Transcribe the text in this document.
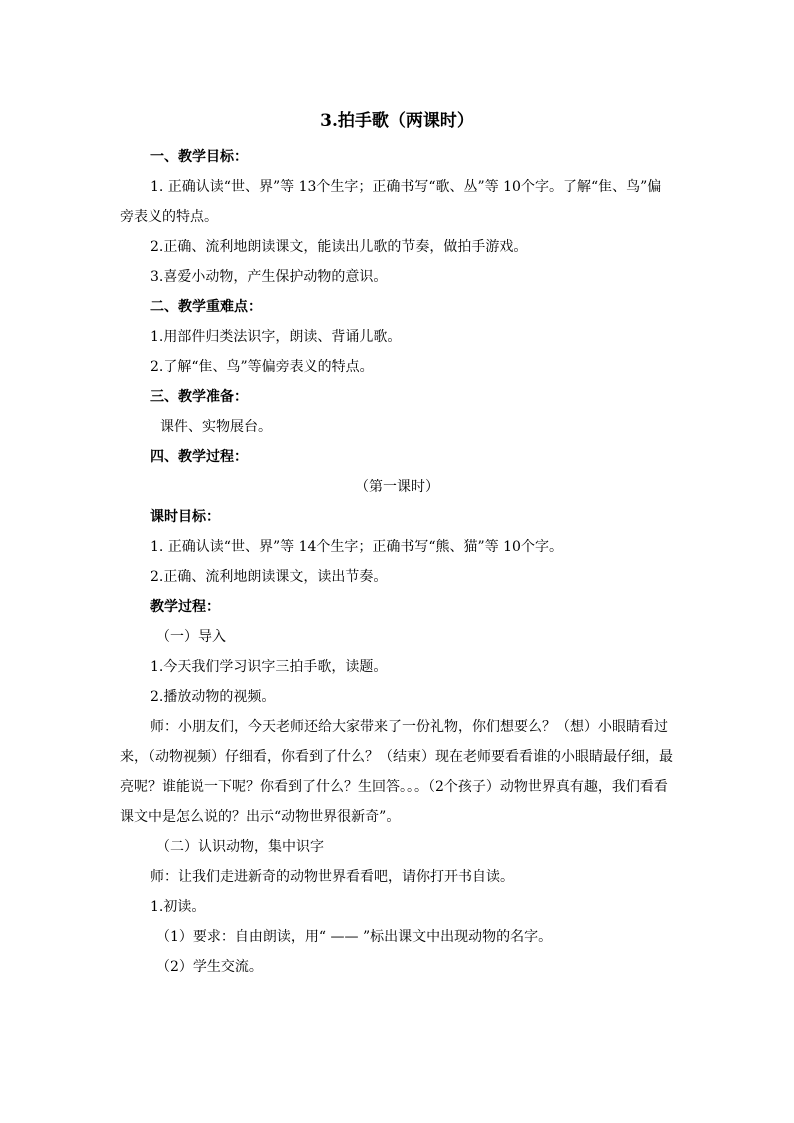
3.拍手歌（两课时）

一、教学目标：

1. 正确认读“世、界”等 13个生字；正确书写“歌、丛”等 10个字。了解“隹、鸟”偏旁表义的特点。

2.正确、流利地朗读课文，能读出儿歌的节奏，做拍手游戏。

3.喜爱小动物，产生保护动物的意识。

二、教学重难点：

1.用部件归类法识字，朗读、背诵儿歌。

2.了解“隹、鸟”等偏旁表义的特点。

三、教学准备：

课件、实物展台。

四、教学过程：

（第一课时）

课时目标：

1. 正确认读“世、界”等 14个生字；正确书写“熊、猫”等 10个字。

2.正确、流利地朗读课文，读出节奏。

教学过程：

（一）导入

1.今天我们学习识字三拍手歌，读题。

2.播放动物的视频。

师：小朋友们，今天老师还给大家带来了一份礼物，你们想要么？（想）小眼睛看过来，（动物视频）仔细看，你看到了什么？（结束）现在老师要看看谁的小眼睛最仔细，最亮呢？谁能说一下呢？你看到了什么？生回答。。。（2个孩子）动物世界真有趣，我们看看课文中是怎么说的？出示“动物世界很新奇”。

（二）认识动物，集中识字

师：让我们走进新奇的动物世界看看吧，请你打开书自读。

1.初读。

（1）要求：自由朗读，用“ —— ”标出课文中出现动物的名字。

（2）学生交流。
